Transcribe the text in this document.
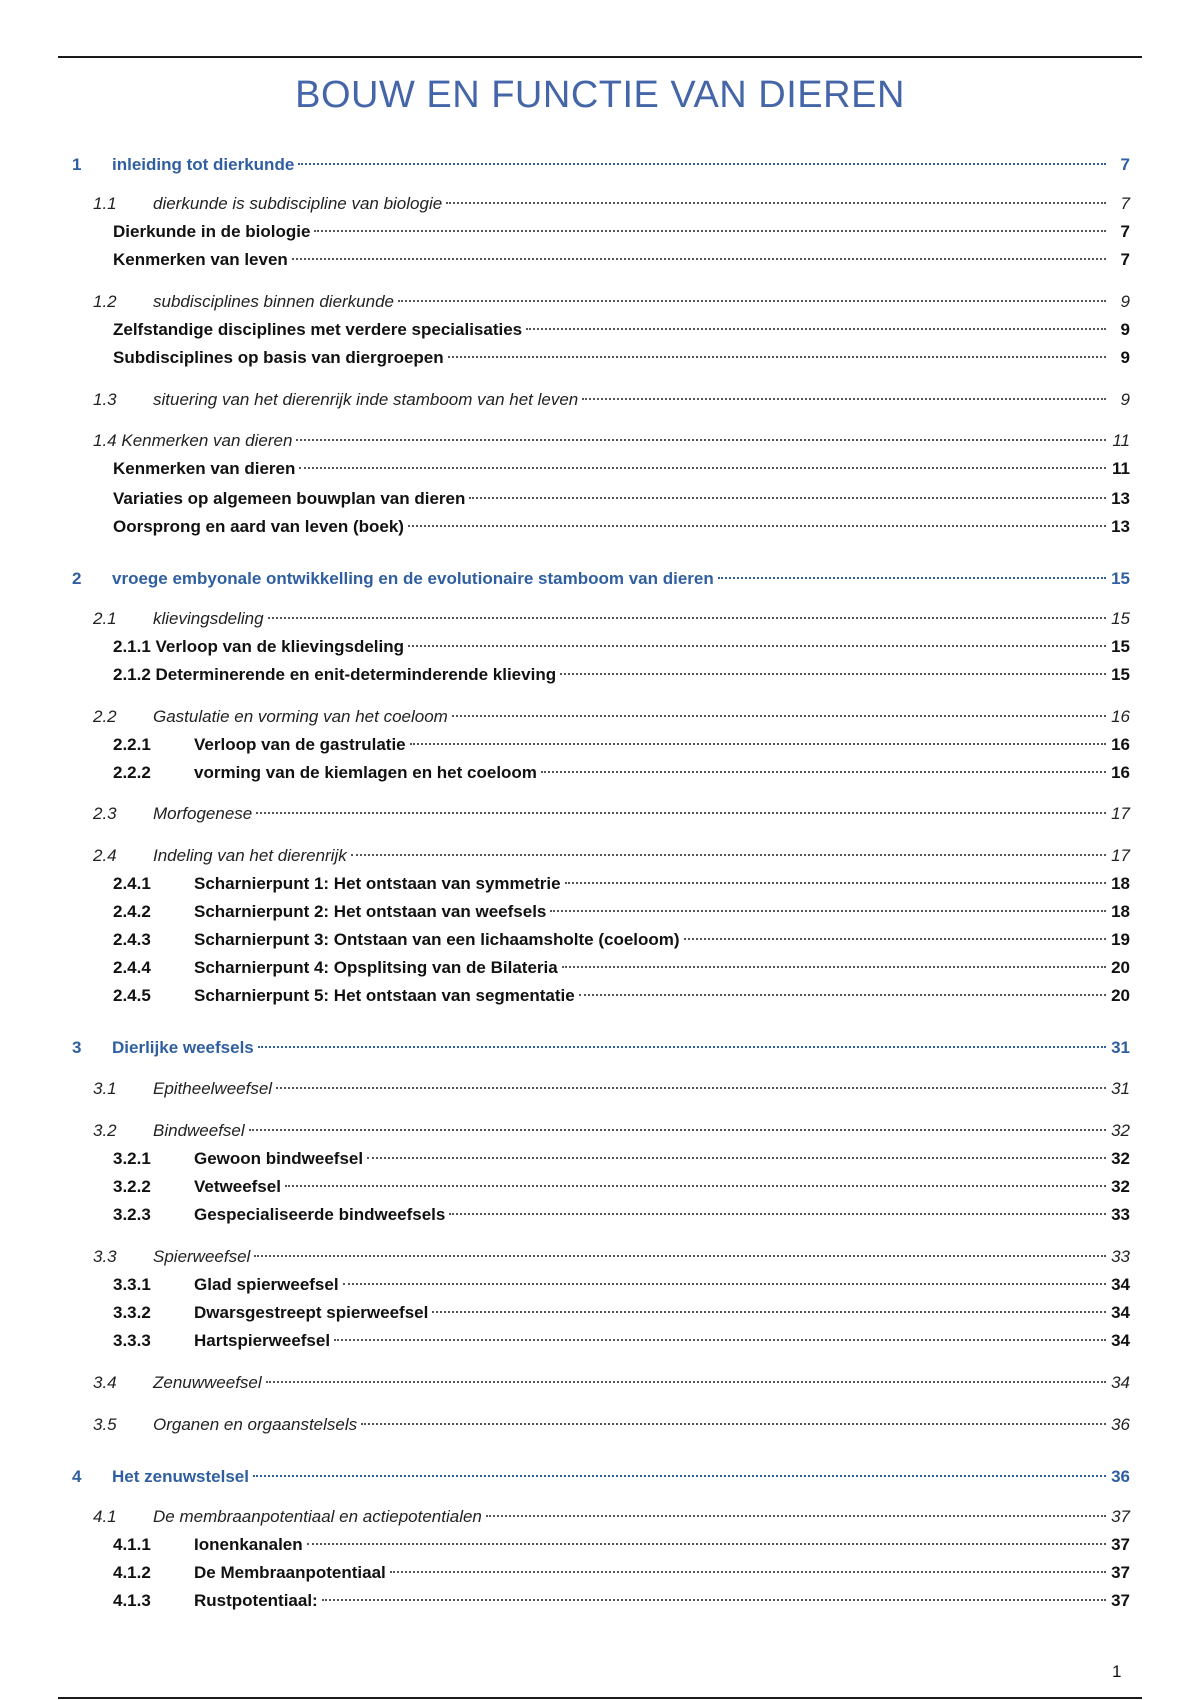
BOUW EN FUNCTIE VAN DIEREN
1	inleiding tot dierkunde	7
1.1	dierkunde is subdiscipline van biologie	7
Dierkunde in de biologie	7
Kenmerken van leven	7
1.2	subdisciplines binnen dierkunde	9
Zelfstandige disciplines met verdere specialisaties	9
Subdisciplines op basis van diergroepen	9
1.3	situering van het dierenrijk inde stamboom van het leven	9
1.4 Kenmerken van dieren	11
Kenmerken van dieren	11
Variaties op algemeen bouwplan van dieren	13
Oorsprong en aard van leven (boek)	13
2	vroege embyonale ontwikkelling en de evolutionaire stamboom van dieren	15
2.1	klievingsdeling	15
2.1.1 Verloop van de klievingsdeling	15
2.1.2 Determinerende en enit-determinderende klieving	15
2.2	Gastulatie en vorming van het coeloom	16
2.2.1	Verloop van de gastrulatie	16
2.2.2	vorming van de kiemlagen en het coeloom	16
2.3	Morfogenese	17
2.4	Indeling van het dierenrijk	17
2.4.1	Scharnierpunt 1: Het ontstaan van symmetrie	18
2.4.2	Scharnierpunt 2: Het ontstaan van weefsels	18
2.4.3	Scharnierpunt 3: Ontstaan van een lichaamsholte (coeloom)	19
2.4.4	Scharnierpunt 4: Opsplitsing van de Bilateria	20
2.4.5	Scharnierpunt 5: Het ontstaan van segmentatie	20
3	Dierlijke weefsels	31
3.1	Epitheelweefsel	31
3.2	Bindweefsel	32
3.2.1	Gewoon bindweefsel	32
3.2.2	Vetweefsel	32
3.2.3	Gespecialiseerde bindweefsels	33
3.3	Spierweefsel	33
3.3.1	Glad spierweefsel	34
3.3.2	Dwarsgestreept spierweefsel	34
3.3.3	Hartspierweefsel	34
3.4	Zenuwweefsel	34
3.5	Organen en orgaanstelsels	36
4	Het zenuwstelsel	36
4.1	De membraanpotentiaal en actiepotentialen	37
4.1.1	Ionenkanalen	37
4.1.2	De Membraanpotentiaal	37
4.1.3	Rustpotentiaal:	37
1
